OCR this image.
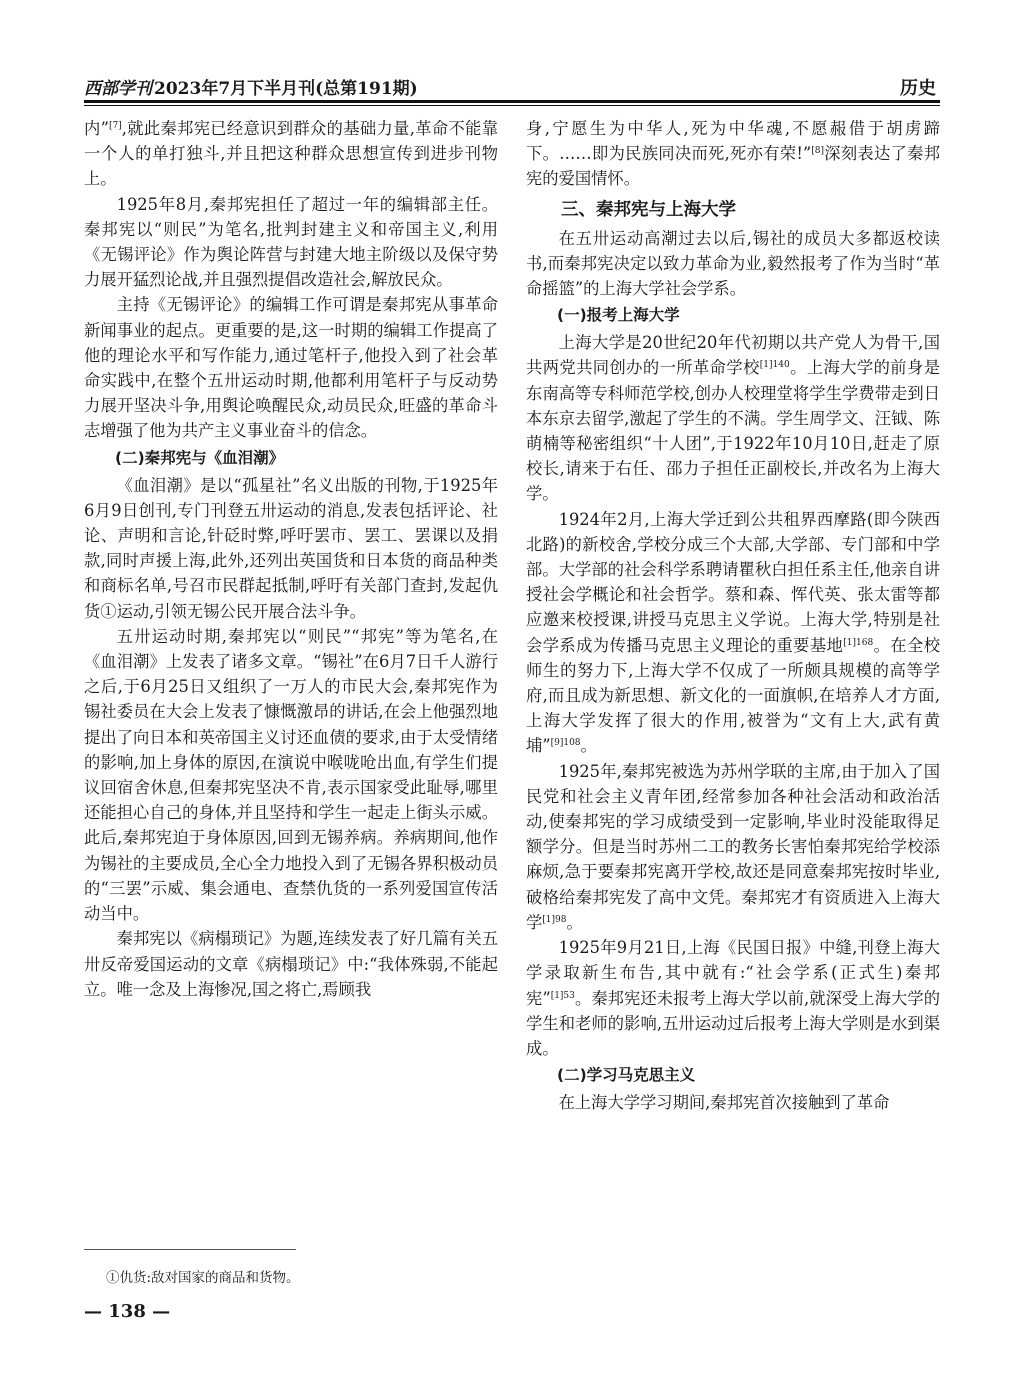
西部学刊 2023年7月下半月刊(总第191期)	历史

内”[7],就此秦邦宪已经意识到群众的基础力量,革命不能靠一个人的单打独斗,并且把这种群众思想宣传到进步刊物上。

1925年8月,秦邦宪担任了超过一年的编辑部主任。秦邦宪以“则民”为笔名,批判封建主义和帝国主义,利用《无锡评论》作为舆论阵营与封建大地主阶级以及保守势力展开猛烈论战,并且强烈提倡改造社会,解放民众。

主持《无锡评论》的编辑工作可谓是秦邦宪从事革命新闻事业的起点。更重要的是,这一时期的编辑工作提高了他的理论水平和写作能力,通过笔杆子,他投入到了社会革命实践中,在整个五卅运动时期,他都利用笔杆子与反动势力展开坚决斗争,用舆论唤醒民众,动员民众,旺盛的革命斗志增强了他为共产主义事业奋斗的信念。

(二)秦邦宪与《血泪潮》

《血泪潮》是以“孤星社”名义出版的刊物,于1925年6月9日创刊,专门刊登五卅运动的消息,发表包括评论、社论、声明和言论,针砭时弊,呼吁罢市、罢工、罢课以及捐款,同时声援上海,此外,还列出英国货和日本货的商品种类和商标名单,号召市民群起抵制,呼吁有关部门查封,发起仇货①运动,引领无锡公民开展合法斗争。

五卅运动时期,秦邦宪以“则民”“邦宪”等为笔名,在《血泪潮》上发表了诸多文章。“锡社”在6月7日千人游行之后,于6月25日又组织了一万人的市民大会,秦邦宪作为锡社委员在大会上发表了慷慨激昂的讲话,在会上他强烈地提出了向日本和英帝国主义讨还血债的要求,由于太受情绪的影响,加上身体的原因,在演说中喉咙呛出血,有学生们提议回宿舍休息,但秦邦宪坚决不肯,表示国家受此耻辱,哪里还能担心自己的身体,并且坚持和学生一起走上街头示威。此后,秦邦宪迫于身体原因,回到无锡养病。养病期间,他作为锡社的主要成员,全心全力地投入到了无锡各界积极动员的“三罢”示威、集会通电、查禁仇货的一系列爱国宣传活动当中。

秦邦宪以《病榻琐记》为题,连续发表了好几篇有关五卅反帝爱国运动的文章《病榻琐记》中:“我体殊弱,不能起立。唯一念及上海惨况,国之将亡,焉顾我

身,宁愿生为中华人,死为中华魂,不愿赧借于胡虏蹄下。……即为民族同决而死,死亦有荣!”[8]深刻表达了秦邦宪的爱国情怀。

三、秦邦宪与上海大学

在五卅运动高潮过去以后,锡社的成员大多都返校读书,而秦邦宪决定以致力革命为业,毅然报考了作为当时“革命摇篮”的上海大学社会学系。

(一)报考上海大学

上海大学是20世纪20年代初期以共产党人为骨干,国共两党共同创办的一所革命学校$^{[1]140}$。上海大学的前身是东南高等专科师范学校,创办人校理堂将学生学费带走到日本东京去留学,激起了学生的不满。学生周学文、汪钺、陈萌楠等秘密组织“十人团”,于1922年10月10日,赶走了原校长,请来于右任、邵力子担任正副校长,并改名为上海大学。

1924年2月,上海大学迁到公共租界西摩路(即今陕西北路)的新校舍,学校分成三个大部,大学部、专门部和中学部。大学部的社会科学系聘请瞿秋白担任系主任,他亲自讲授社会学概论和社会哲学。蔡和森、恽代英、张太雷等都应邀来校授课,讲授马克思主义学说。上海大学,特别是社会学系成为传播马克思主义理论的重要基地$^{[1]168}$。在全校师生的努力下,上海大学不仅成了一所颇具规模的高等学府,而且成为新思想、新文化的一面旗帜,在培养人才方面,上海大学发挥了很大的作用,被誉为“文有上大,武有黄埔”$^{[9]108}$。

1925年,秦邦宪被选为苏州学联的主席,由于加入了国民党和社会主义青年团,经常参加各种社会活动和政治活动,使秦邦宪的学习成绩受到一定影响,毕业时没能取得足额学分。但是当时苏州二工的教务长害怕秦邦宪给学校添麻烦,急于要秦邦宪离开学校,故还是同意秦邦宪按时毕业,破格给秦邦宪发了高中文凭。秦邦宪才有资质进入上海大学$^{[1]98}$。

1925年9月21日,上海《民国日报》中缝,刊登上海大学录取新生布告,其中就有:“社会学系(正式生)秦邦宪”$^{[1]53}$。秦邦宪还未报考上海大学以前,就深受上海大学的学生和老师的影响,五卅运动过后报考上海大学则是水到渠成。

(二)学习马克思主义

在上海大学学习期间,秦邦宪首次接触到了革命

①仇货:敌对国家的商品和货物。
— 138 —
